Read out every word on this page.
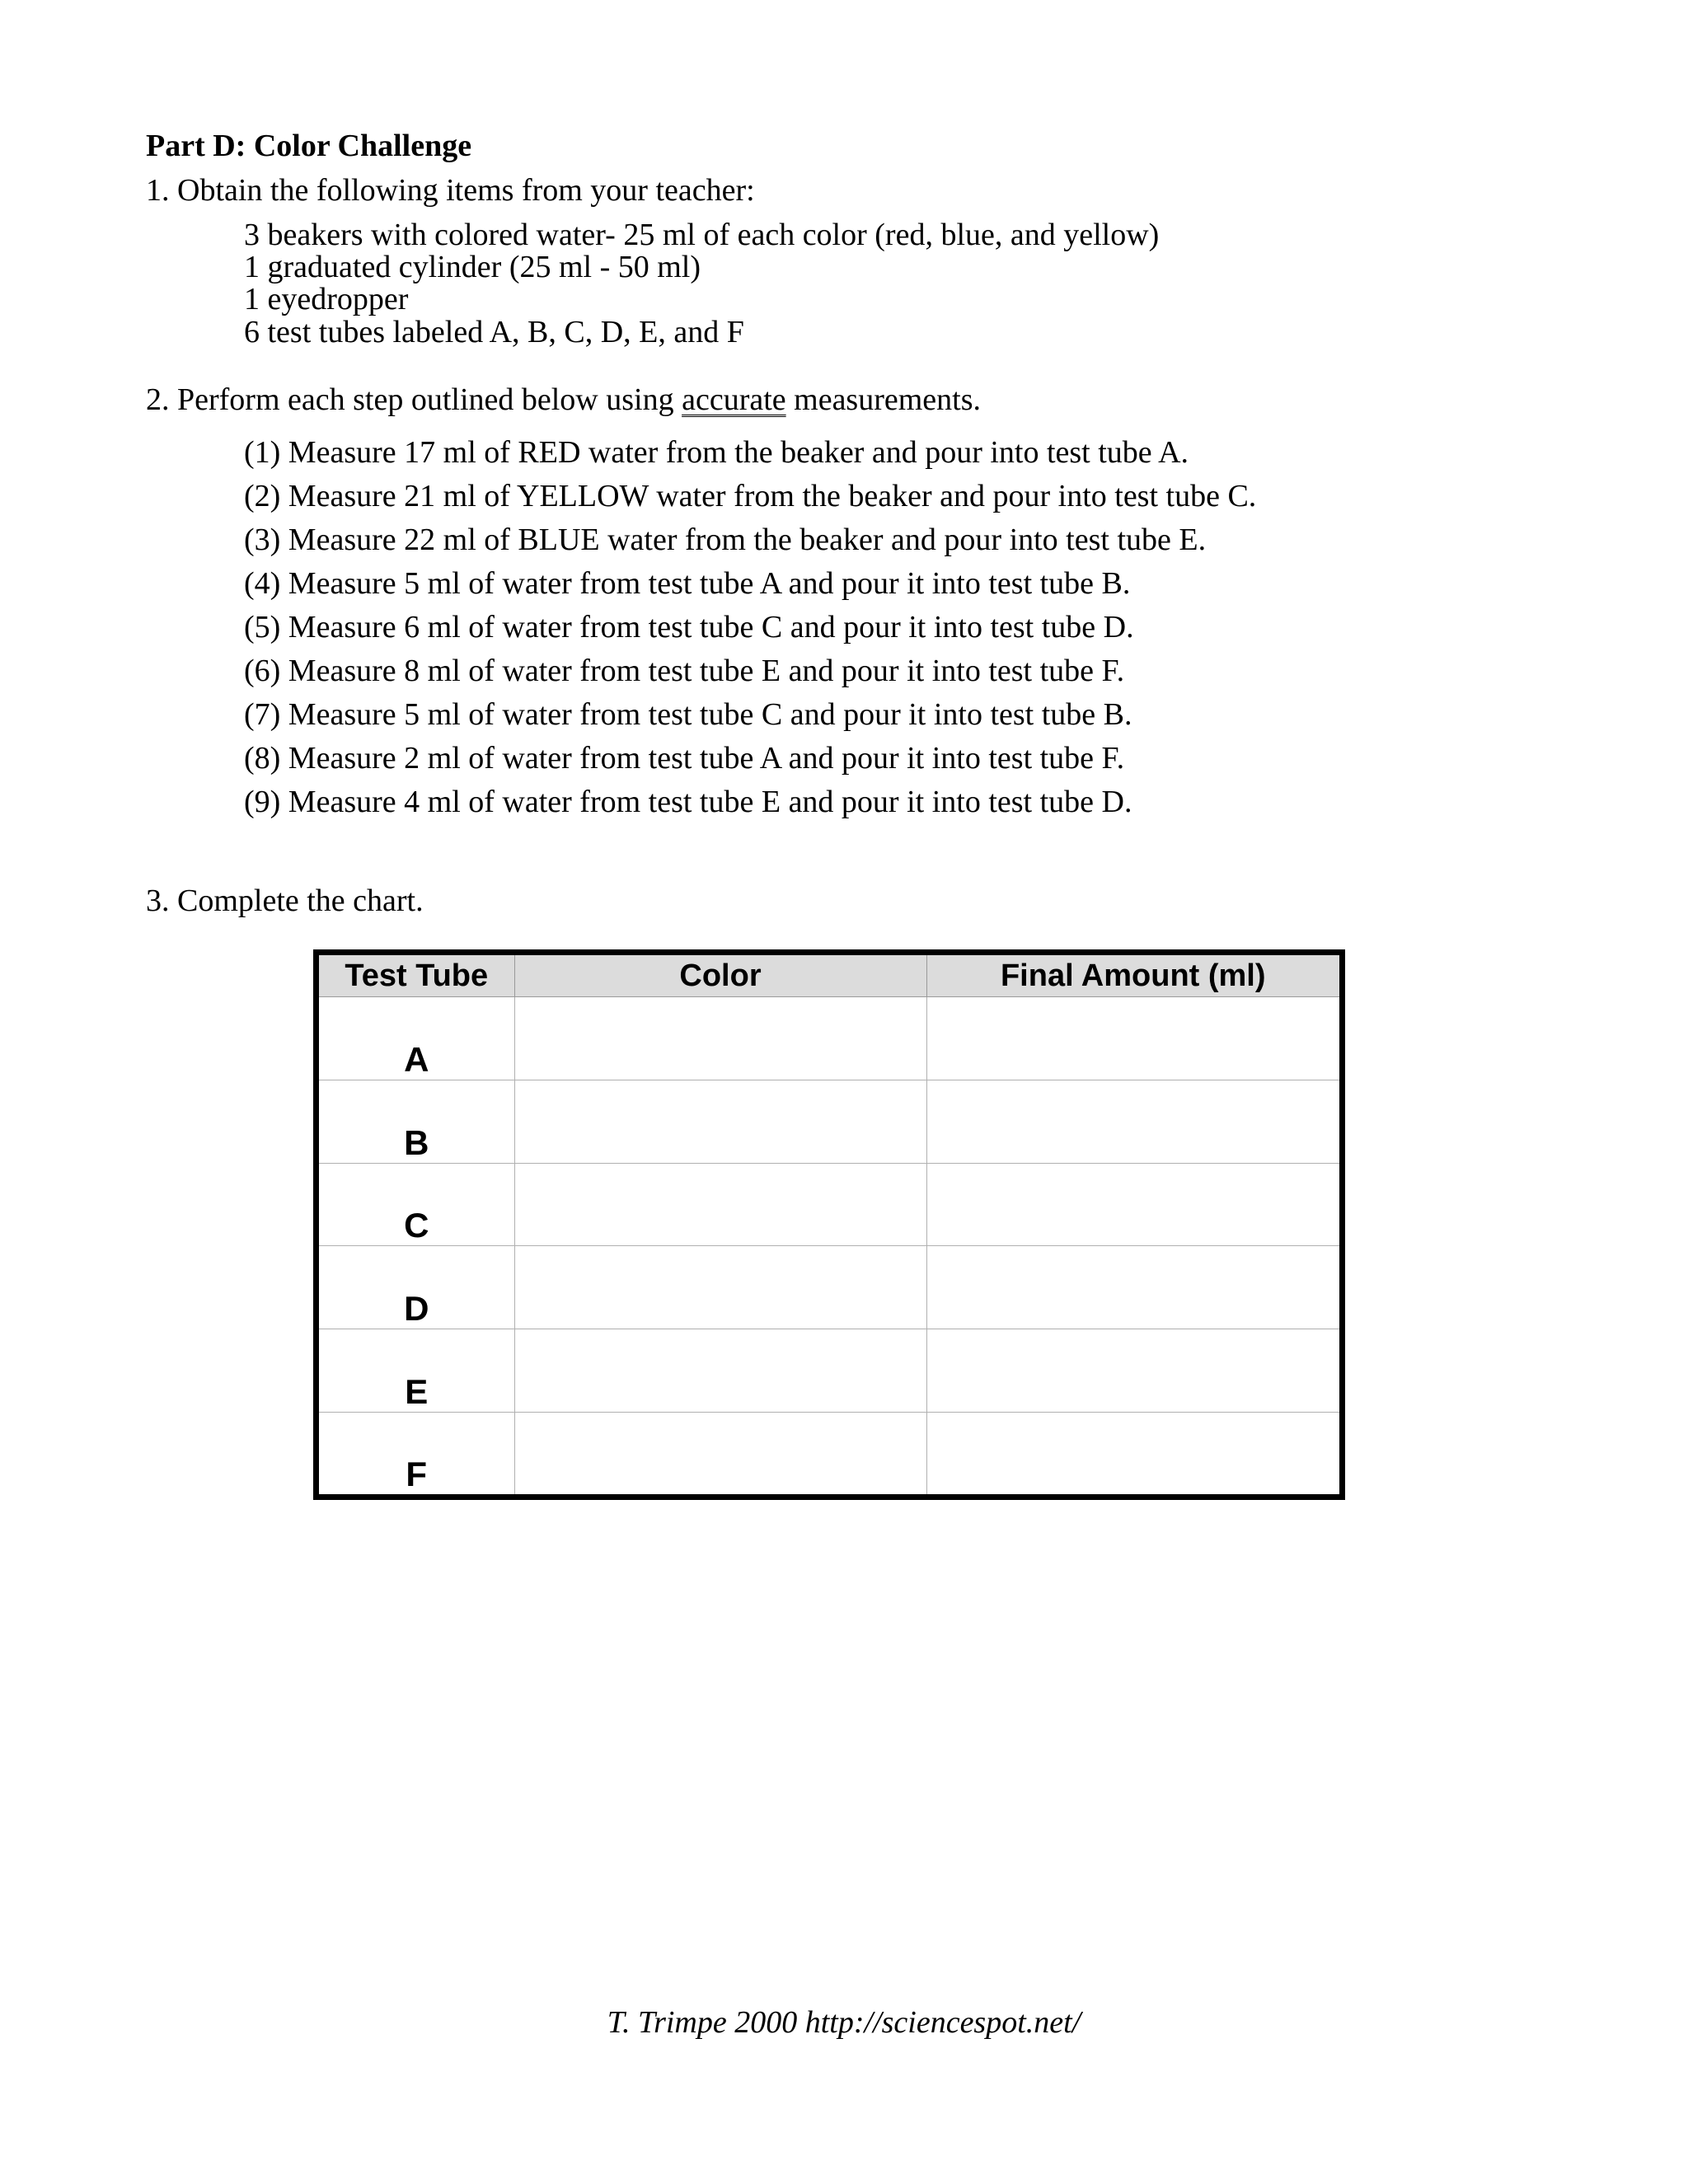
Part D: Color Challenge
1. Obtain the following items from your teacher:
3 beakers with colored water- 25 ml of each color (red, blue, and yellow)
1 graduated cylinder (25 ml - 50 ml)
1 eyedropper
6 test tubes labeled A, B, C, D, E, and F
2. Perform each step outlined below using accurate measurements.
(1) Measure 17 ml of RED water from the beaker and pour into test tube A.
(2) Measure 21 ml of YELLOW water from the beaker and pour into test tube C.
(3) Measure 22 ml of BLUE water from the beaker and pour into test tube E.
(4) Measure 5 ml of water from test tube A and pour it into test tube B.
(5) Measure 6 ml of water from test tube C and pour it into test tube D.
(6) Measure 8 ml of water from test tube E and pour it into test tube F.
(7) Measure 5 ml of water from test tube C and pour it into test tube B.
(8) Measure 2 ml of water from test tube A and pour it into test tube F.
(9) Measure 4 ml of water from test tube E and pour it into test tube D.
3. Complete the chart.
Test Tube	Color	Final Amount (ml)
A		
B		
C		
D		
E		
F		
T. Trimpe 2000 http://sciencespot.net/
